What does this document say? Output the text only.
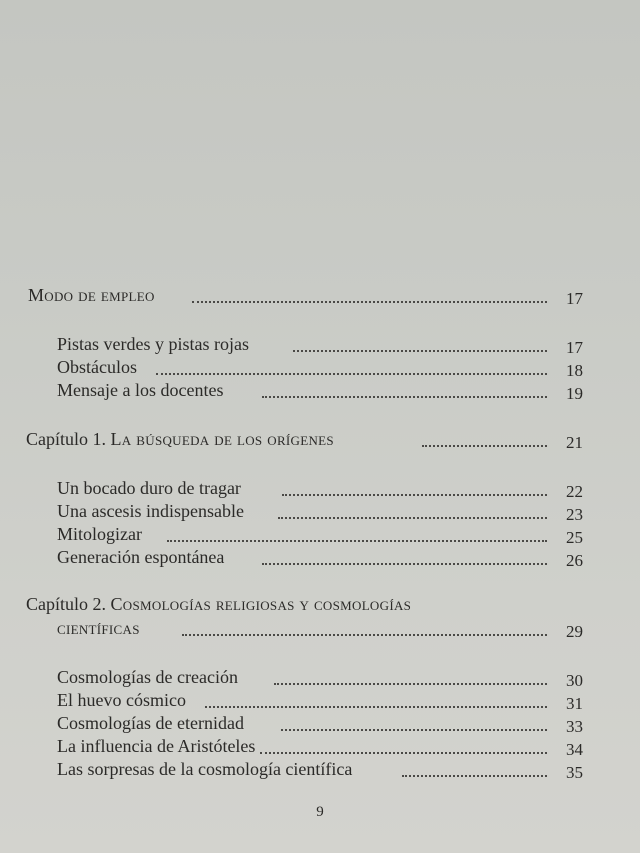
Modo de empleo	17
Pistas verdes y pistas rojas	17
Obstáculos	18
Mensaje a los docentes	19
Capítulo 1. La búsqueda de los orígenes	21
Un bocado duro de tragar	22
Una ascesis indispensable	23
Mitologizar	25
Generación espontánea	26
Capítulo 2. Cosmologías religiosas y cosmologías
científicas	29
Cosmologías de creación	30
El huevo cósmico	31
Cosmologías de eternidad	33
La influencia de Aristóteles	34
Las sorpresas de la cosmología científica	35
9
